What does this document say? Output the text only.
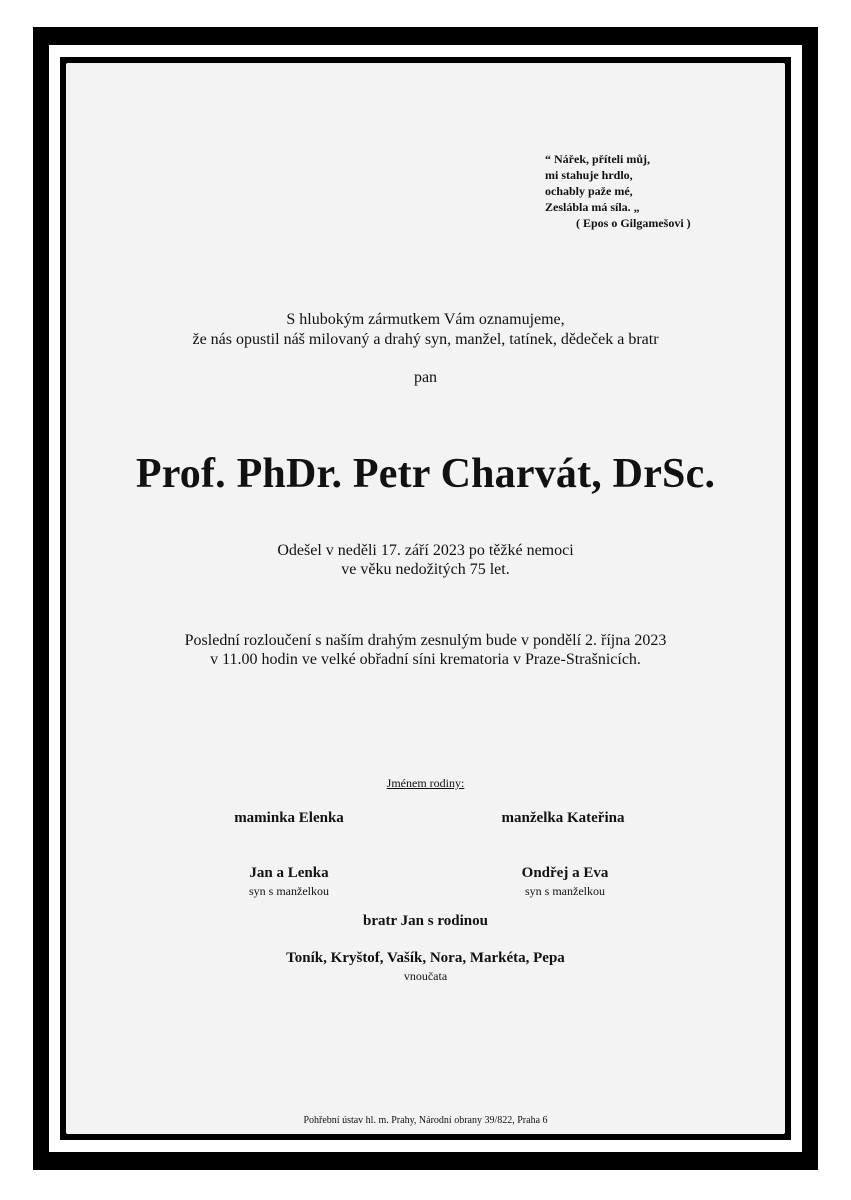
“ Nářek, příteli můj,
mi stahuje hrdlo,
ochably paže mé,
Zeslábla má síla. „
( Epos o Gilgamešovi )
S hlubokým zármutkem Vám oznamujeme,
že nás opustil náš milovaný a drahý syn, manžel, tatínek, dědeček a bratr
pan
Prof. PhDr. Petr Charvát, DrSc.
Odešel v neděli 17. září 2023 po těžké nemoci
ve věku nedožitých 75 let.
Poslední rozloučení s naším drahým zesnulým bude v pondělí 2. října 2023
v 11.00 hodin ve velké obřadní síni krematoria v Praze-Strašnicích.
Jménem rodiny:
maminka Elenka	manželka Kateřina
Jan a Lenka
syn s manželkou
Ondřej a Eva
syn s manželkou
bratr Jan s rodinou
Toník, Kryštof, Vašík, Nora, Markéta, Pepa
vnoučata
Pohřební ústav hl. m. Prahy, Národní obrany 39/822, Praha 6
